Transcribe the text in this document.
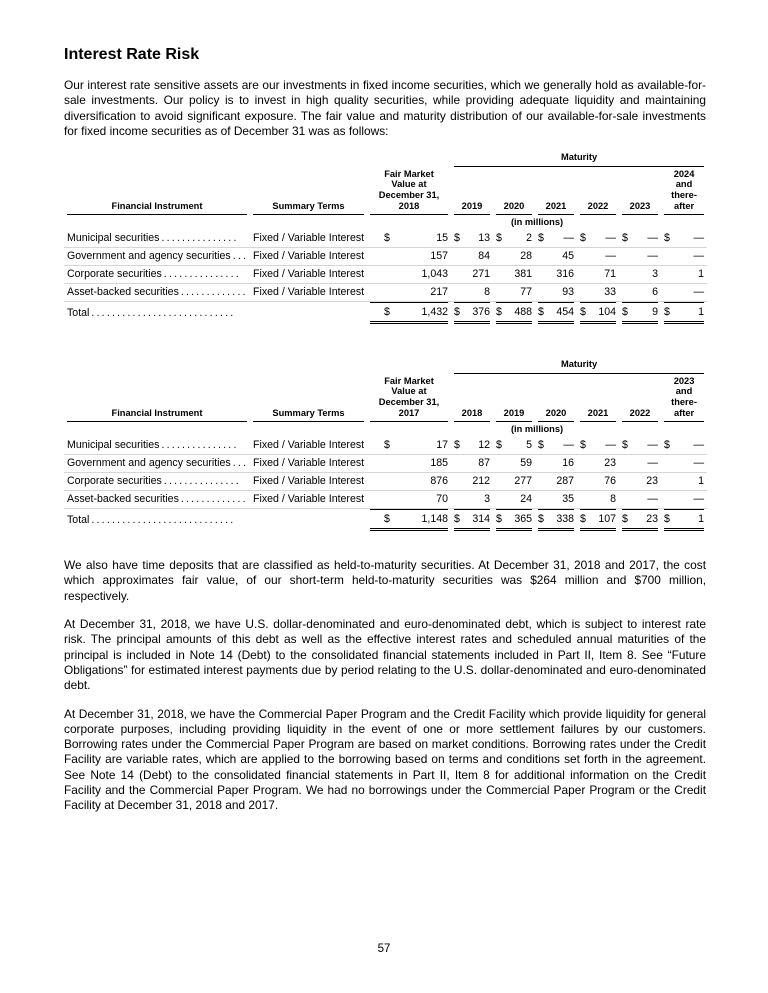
Interest Rate Risk

Our interest rate sensitive assets are our investments in fixed income securities, which we generally hold as available-for-sale investments. Our policy is to invest in high quality securities, while providing adequate liquidity and maintaining diversification to avoid significant exposure. The fair value and maturity distribution of our available-for-sale investments for fixed income securities as of December 31 was as follows:

			Maturity					

Financial Instrument	Summary Terms	Fair Market Value at December 31, 2018	2019	2020	2021	2022	2023	2024 and there-after

		(in millions)						
Municipal securities ...............	Fixed / Variable Interest	$ 15	$ 13	$ 2	$ —	$ —	$ —	$ —

Government and agency securities ...	Fixed / Variable Interest	157	84	28	45	—	—	—

Corporate securities ...............	Fixed / Variable Interest	1,043	271	381	316	71	3	1

Asset-backed securities .............	Fixed / Variable Interest	217	8	77	93	33	6	—

Total ............................		$ 1,432	$ 376	$ 488	$ 454	$ 104	$ 9	$ 1

			Maturity					

Financial Instrument	Summary Terms	Fair Market Value at December 31, 2017	2018	2019	2020	2021	2022	2023 and there-after

		(in millions)						
Municipal securities ...............	Fixed / Variable Interest	$ 17	$ 12	$ 5	$ —	$ —	$ —	$ —

Government and agency securities ...	Fixed / Variable Interest	185	87	59	16	23	—	—

Corporate securities ...............	Fixed / Variable Interest	876	212	277	287	76	23	1

Asset-backed securities .............	Fixed / Variable Interest	70	3	24	35	8	—	—

Total ............................		$ 1,148	$ 314	$ 365	$ 338	$ 107	$ 23	$ 1

We also have time deposits that are classified as held-to-maturity securities. At December 31, 2018 and 2017, the cost which approximates fair value, of our short-term held-to-maturity securities was $264 million and $700 million, respectively.

At December 31, 2018, we have U.S. dollar-denominated and euro-denominated debt, which is subject to interest rate risk. The principal amounts of this debt as well as the effective interest rates and scheduled annual maturities of the principal is included in Note 14 (Debt) to the consolidated financial statements included in Part II, Item 8. See “Future Obligations” for estimated interest payments due by period relating to the U.S. dollar-denominated and euro-denominated debt.

At December 31, 2018, we have the Commercial Paper Program and the Credit Facility which provide liquidity for general corporate purposes, including providing liquidity in the event of one or more settlement failures by our customers. Borrowing rates under the Commercial Paper Program are based on market conditions. Borrowing rates under the Credit Facility are variable rates, which are applied to the borrowing based on terms and conditions set forth in the agreement. See Note 14 (Debt) to the consolidated financial statements in Part II, Item 8 for additional information on the Credit Facility and the Commercial Paper Program. We had no borrowings under the Commercial Paper Program or the Credit Facility at December 31, 2018 and 2017.

57
